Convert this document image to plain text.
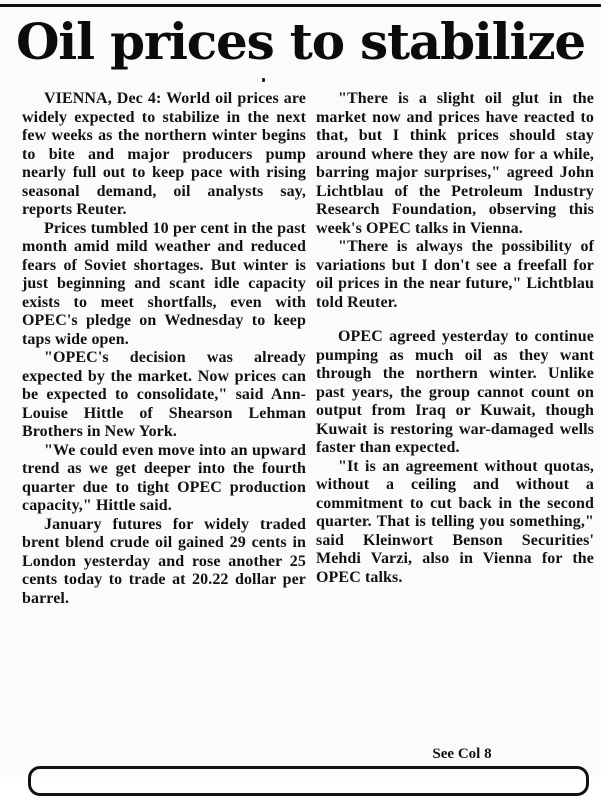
Oil prices to stabilize

VIENNA, Dec 4: World oil prices are widely expected to stabilize in the next few weeks as the northern winter begins to bite and major producers pump nearly full out to keep pace with rising seasonal demand, oil analysts say, reports Reuter.

Prices tumbled 10 per cent in the past month amid mild weather and reduced fears of Soviet shortages. But winter is just beginning and scant idle capacity exists to meet shortfalls, even with OPEC's pledge on Wednesday to keep taps wide open.

"OPEC's decision was already expected by the market. Now prices can be expected to consolidate," said Ann-Louise Hittle of Shearson Lehman Brothers in New York.

"We could even move into an upward trend as we get deeper into the fourth quarter due to tight OPEC production capacity," Hittle said.

January futures for widely traded brent blend crude oil gained 29 cents in London yesterday and rose another 25 cents today to trade at 20.22 dollar per barrel.

"There is a slight oil glut in the market now and prices have reacted to that, but I think prices should stay around where they are now for a while, barring major surprises," agreed John Lichtblau of the Petroleum Industry Research Foundation, observing this week's OPEC talks in Vienna.

"There is always the possibility of variations but I don't see a freefall for oil prices in the near future," Lichtblau told Reuter.

OPEC agreed yesterday to continue pumping as much oil as they want through the northern winter. Unlike past years, the group cannot count on output from Iraq or Kuwait, though Kuwait is restoring war-damaged wells faster than expected.

"It is an agreement without quotas, without a ceiling and without a commitment to cut back in the second quarter. That is telling you something," said Kleinwort Benson Securities' Mehdi Varzi, also in Vienna for the OPEC talks.

See Col 8
